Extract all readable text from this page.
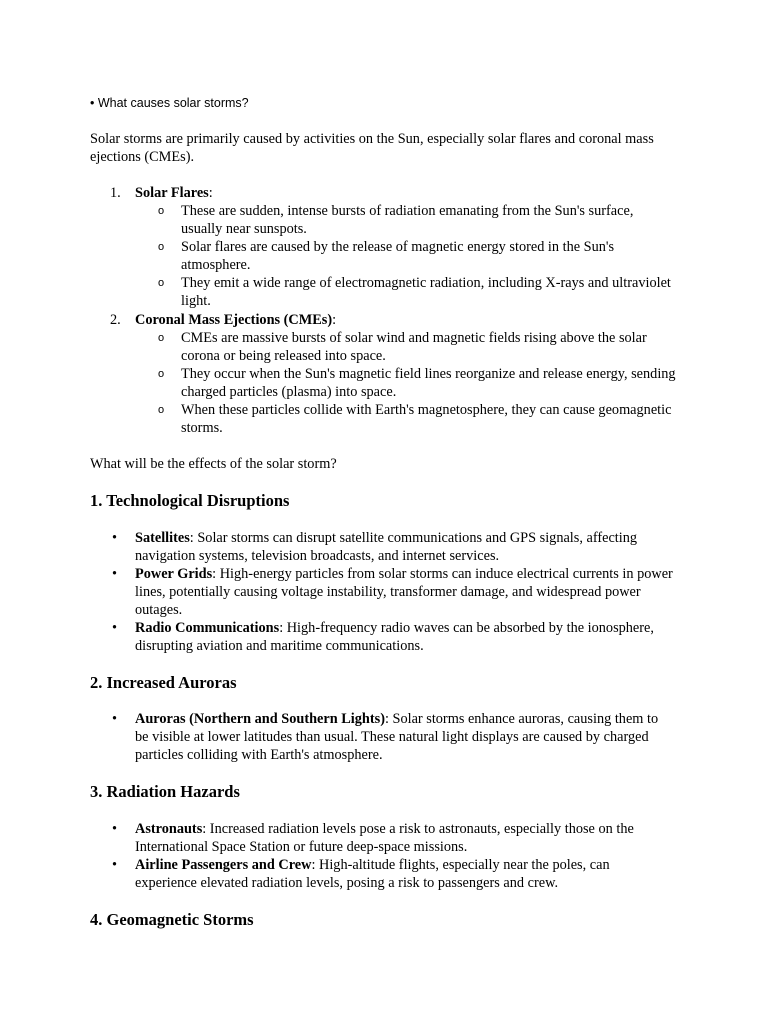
• What causes solar storms?
Solar storms are primarily caused by activities on the Sun, especially solar flares and coronal mass ejections (CMEs).
1. Solar Flares:
o These are sudden, intense bursts of radiation emanating from the Sun's surface, usually near sunspots.
o Solar flares are caused by the release of magnetic energy stored in the Sun's atmosphere.
o They emit a wide range of electromagnetic radiation, including X-rays and ultraviolet light.
2. Coronal Mass Ejections (CMEs):
o CMEs are massive bursts of solar wind and magnetic fields rising above the solar corona or being released into space.
o They occur when the Sun's magnetic field lines reorganize and release energy, sending charged particles (plasma) into space.
o When these particles collide with Earth's magnetosphere, they can cause geomagnetic storms.
What will be the effects of the solar storm?
1. Technological Disruptions
• Satellites: Solar storms can disrupt satellite communications and GPS signals, affecting navigation systems, television broadcasts, and internet services.
• Power Grids: High-energy particles from solar storms can induce electrical currents in power lines, potentially causing voltage instability, transformer damage, and widespread power outages.
• Radio Communications: High-frequency radio waves can be absorbed by the ionosphere, disrupting aviation and maritime communications.
2. Increased Auroras
• Auroras (Northern and Southern Lights): Solar storms enhance auroras, causing them to be visible at lower latitudes than usual. These natural light displays are caused by charged particles colliding with Earth's atmosphere.
3. Radiation Hazards
• Astronauts: Increased radiation levels pose a risk to astronauts, especially those on the International Space Station or future deep-space missions.
• Airline Passengers and Crew: High-altitude flights, especially near the poles, can experience elevated radiation levels, posing a risk to passengers and crew.
4. Geomagnetic Storms
